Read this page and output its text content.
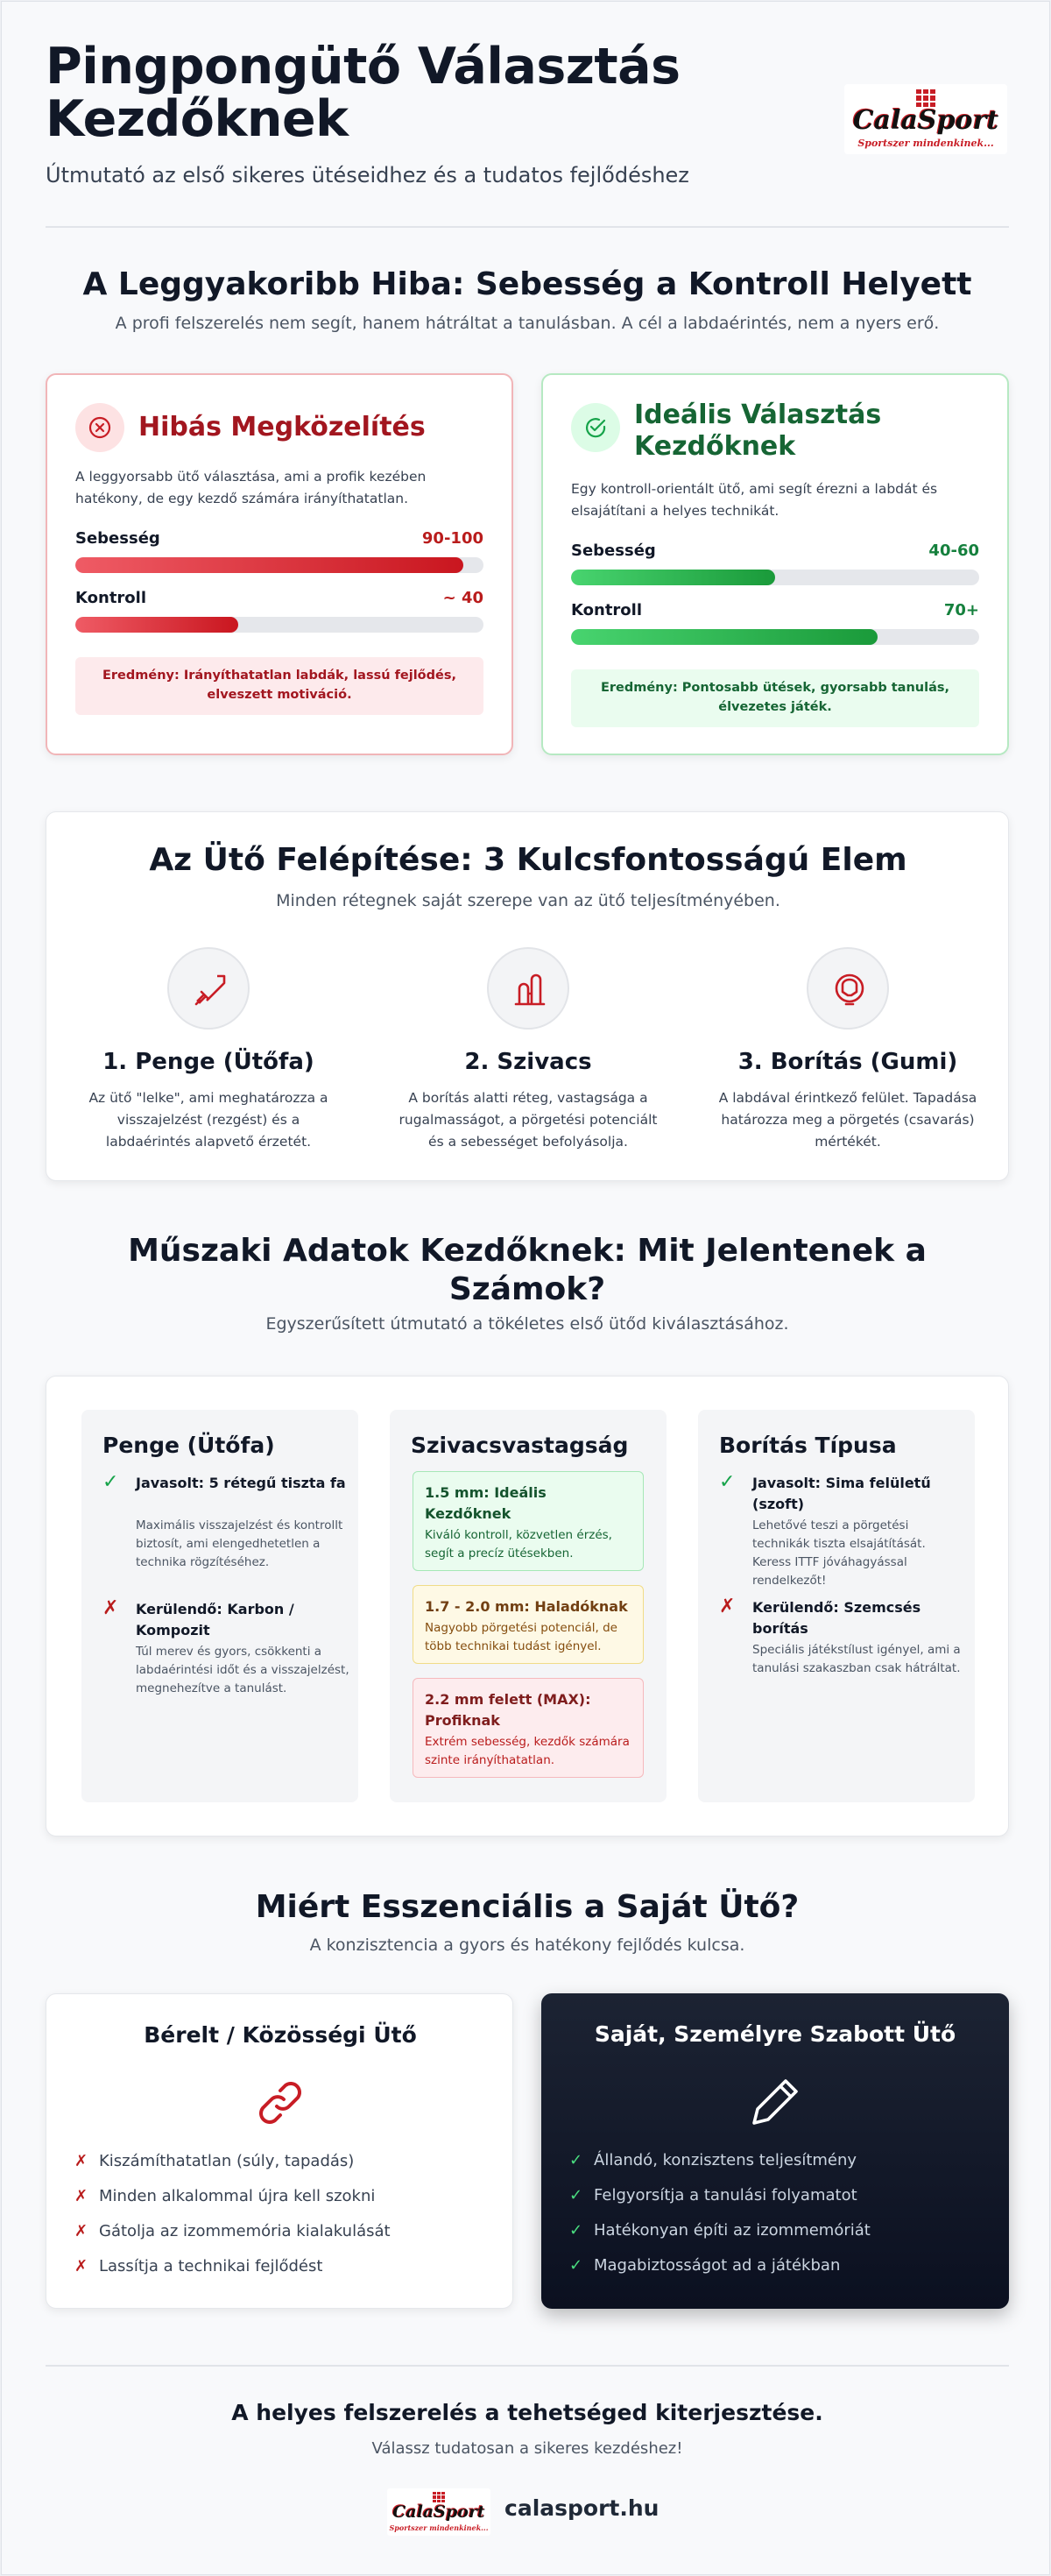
Pingpongütő Választás Kezdőknek
Útmutató az első sikeres ütéseidhez és a tudatos fejlődéshez
CalaSport
Sportszer mindenkinek...
A Leggyakoribb Hiba: Sebesség a Kontroll Helyett
A profi felszerelés nem segít, hanem hátráltat a tanulásban. A cél a labdaérintés, nem a nyers erő.
Hibás Megközelítés
A leggyorsabb ütő választása, ami a profik kezében hatékony, de egy kezdő számára irányíthatatlan.
Sebesség	90-100
Kontroll	~ 40
Eredmény: Irányíthatatlan labdák, lassú fejlődés, elveszett motiváció.
Ideális Választás Kezdőknek
Egy kontroll-orientált ütő, ami segít érezni a labdát és elsajátítani a helyes technikát.
Sebesség	40-60
Kontroll	70+
Eredmény: Pontosabb ütések, gyorsabb tanulás, élvezetes játék.
Az Ütő Felépítése: 3 Kulcsfontosságú Elem
Minden rétegnek saját szerepe van az ütő teljesítményében.
1. Penge (Ütőfa)
Az ütő "lelke", ami meghatározza a visszajelzést (rezgést) és a labdaérintés alapvető érzetét.
2. Szivacs
A borítás alatti réteg, vastagsága a rugalmasságot, a pörgetési potenciált és a sebességet befolyásolja.
3. Borítás (Gumi)
A labdával érintkező felület. Tapadása határozza meg a pörgetés (csavarás) mértékét.
Műszaki Adatok Kezdőknek: Mit Jelentenek a Számok?
Egyszerűsített útmutató a tökéletes első ütőd kiválasztásához.
Penge (Ütőfa)
✓ Javasolt: 5 rétegű tiszta fa
Maximális visszajelzést és kontrollt biztosít, ami elengedhetetlen a technika rögzítéséhez.
✗ Kerülendő: Karbon / Kompozit
Túl merev és gyors, csökkenti a labdaérintési időt és a visszajelzést, megnehezítve a tanulást.
Szivacsvastagság
1.5 mm: Ideális Kezdőknek
Kiváló kontroll, közvetlen érzés, segít a precíz ütésekben.
1.7 - 2.0 mm: Haladóknak
Nagyobb pörgetési potenciál, de több technikai tudást igényel.
2.2 mm felett (MAX): Profiknak
Extrém sebesség, kezdők számára szinte irányíthatatlan.
Borítás Típusa
✓ Javasolt: Sima felületű (szoft)
Lehetővé teszi a pörgetési technikák tiszta elsajátítását. Keress ITTF jóváhagyással rendelkezőt!
✗ Kerülendő: Szemcsés borítás
Speciális játékstílust igényel, ami a tanulási szakaszban csak hátráltat.
Miért Esszenciális a Saját Ütő?
A konzisztencia a gyors és hatékony fejlődés kulcsa.
Bérelt / Közösségi Ütő
✗ Kiszámíthatatlan (súly, tapadás)
✗ Minden alkalommal újra kell szokni
✗ Gátolja az izommemória kialakulását
✗ Lassítja a technikai fejlődést
Saját, Személyre Szabott Ütő
✓ Állandó, konzisztens teljesítmény
✓ Felgyorsítja a tanulási folyamatot
✓ Hatékonyan építi az izommemóriát
✓ Magabiztosságot ad a játékban
A helyes felszerelés a tehetséged kiterjesztése.
Válassz tudatosan a sikeres kezdéshez!
CalaSport
Sportszer mindenkinek...
calasport.hu
